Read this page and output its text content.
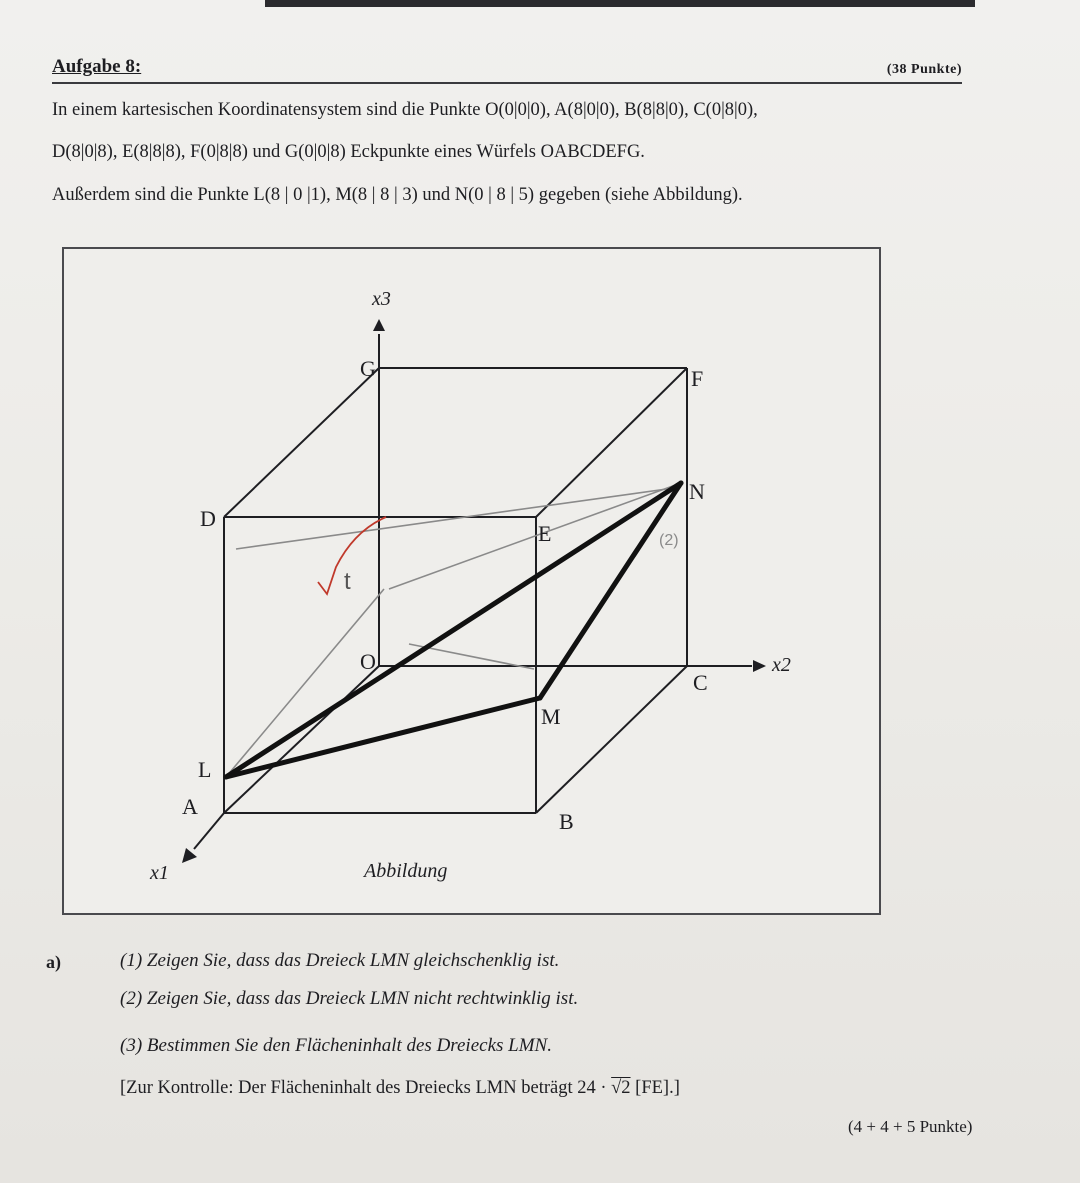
Aufgabe 8:	(38 Punkte)
In einem kartesischen Koordinatensystem sind die Punkte O(0|0|0), A(8|0|0), B(8|8|0), C(0|8|0),
D(8|0|8), E(8|8|8), F(0|8|8) und G(0|0|8) Eckpunkte eines Würfels OABCDEFG.
Außerdem sind die Punkte L(8 | 0 |1), M(8 | 8 | 3) und N(0 | 8 | 5) gegeben (siehe Abbildung).
x3
G	F
D
E
O
C
x2
A
B
x1
L
M
N
(2)
t
Abbildung
a)	(1) Zeigen Sie, dass das Dreieck LMN gleichschenklig ist.
(2) Zeigen Sie, dass das Dreieck LMN nicht rechtwinklig ist.
(3) Bestimmen Sie den Flächeninhalt des Dreiecks LMN.
[Zur Kontrolle: Der Flächeninhalt des Dreiecks LMN beträgt 24 · √2 [FE].]
(4 + 4 + 5 Punkte)
